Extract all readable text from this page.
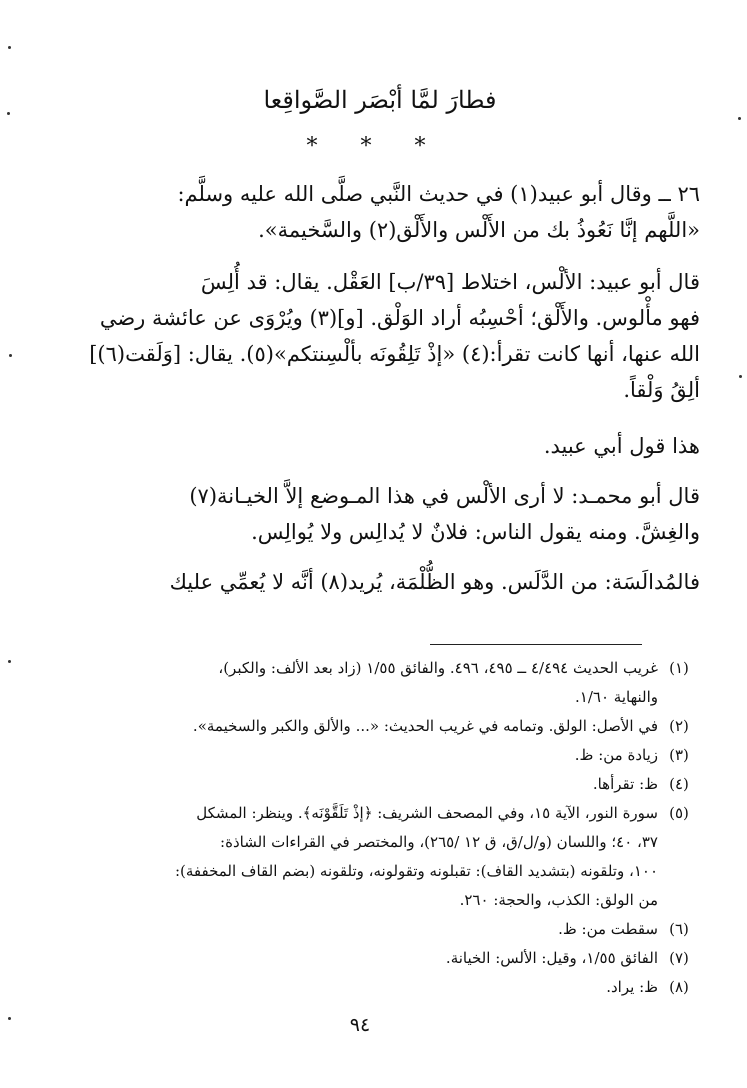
فطارَ لمَّا أبْصَر الصَّواقِعا
* * *
٢٦ ــ وقال أبو عبيد(١) في حديث النَّبي صلَّى الله عليه وسلَّم:
«اللَّهم إنَّا نَعُوذُ بك من الأَلْس والأَلْق(٢) والسَّخيمة».
قال أبو عبيد: الألْس، اختلاط [٣٩/ب] العَقْل. يقال: قد أُلِسَ
فهو مأْلوس. والأَلْق؛ أحْسِبُه أراد الوَلْق. [و](٣) ويُرْوَى عن عائشة رضي
الله عنها، أنها كانت تقرأ:(٤) «إذْ تَلِقُونَه بألْسِنتكم»(٥). يقال: [وَلَقت(٦)]
ألِقُ وَلْقاً.
هذا قول أبي عبيد.
قال أبو محمـد: لا أرى الألْس في هذا المـوضع إلاَّ الخيـانة(٧)
والغِشَّ. ومنه يقول الناس: فلانٌ لا يُدالِس ولا يُوالِس.
فالمُدالَسَة: من الدَّلَس. وهو الظُّلْمَة، يُريد(٨) أنَّه لا يُعمِّي عليك
(١)
غريب الحديث ٤/٤٩٤ ــ ٤٩٥، ٤٩٦. والفائق ١/٥٥ (زاد بعد الألف: والكبر)،
والنهاية ١/٦٠.
(٢)
في الأصل: الولق. وتمامه في غريب الحديث: «... والألق والكبر والسخيمة».
(٣)
زيادة من: ظ.
(٤)
ظ: تقرأها.
(٥)
سورة النور، الآية ١٥، وفي المصحف الشريف: ﴿إذْ تَلَقَّوْنَه﴾. وينظر: المشكل
٣٧، ٤٠؛ واللسان (و/ل/ق، ق ١٢ /٢٦٥)، والمختصر في القراءات الشاذة:
١٠٠، وتلقونه (بتشديد القاف): تقبلونه وتقولونه، وتلقونه (بضم القاف المخففة):
من الولق: الكذب، والحجة: ٢٦٠.
(٦)
سقطت من: ظ.
(٧)
الفائق ١/٥٥، وقيل: الألس: الخيانة.
(٨)
ظ: يراد.
٩٤
